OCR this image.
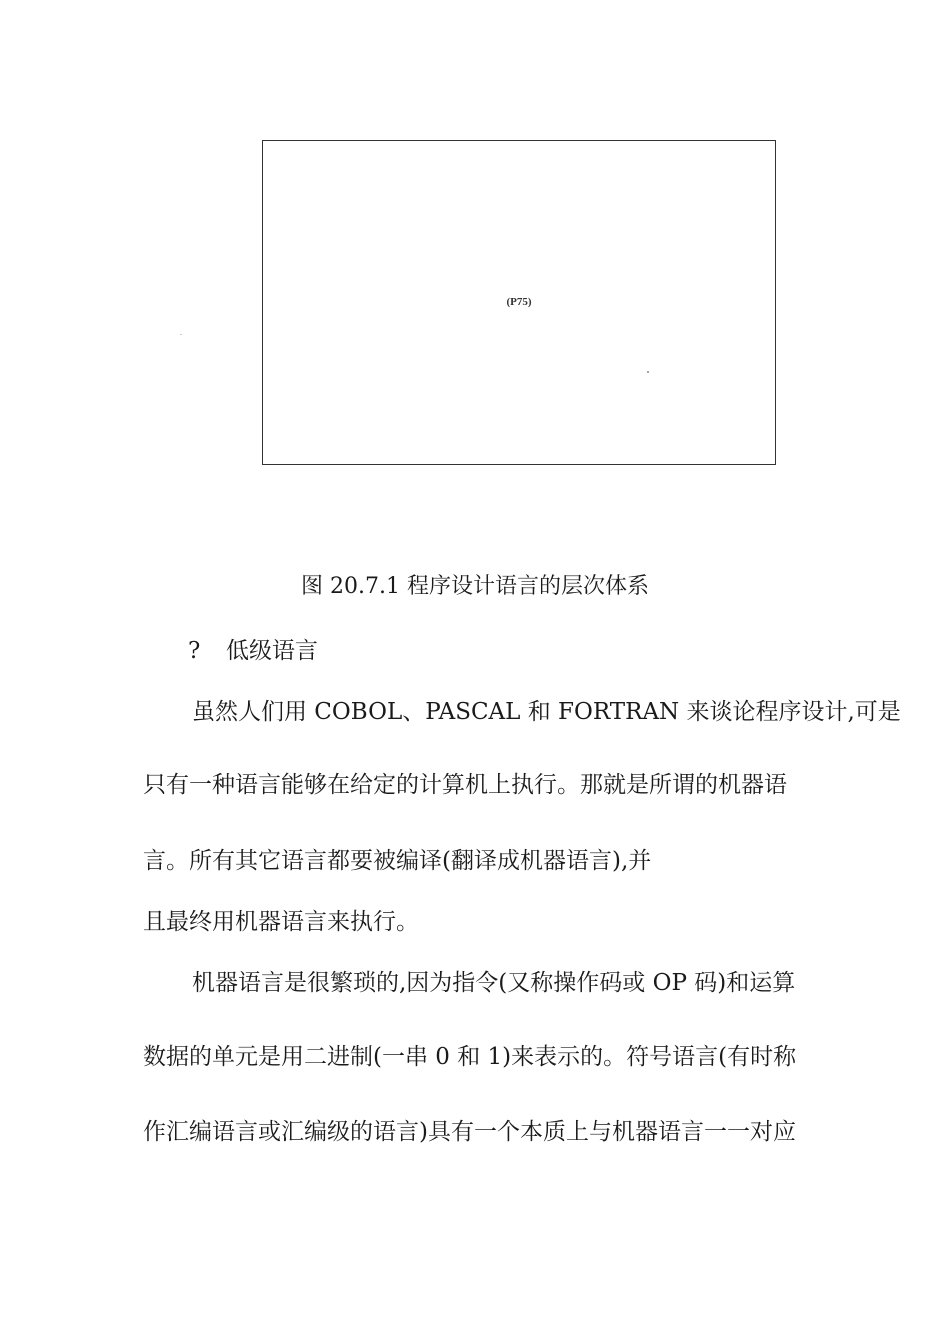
(P75)
图 20.7.1 程序设计语言的层次体系
? 低级语言
虽然人们用 COBOL、PASCAL 和 FORTRAN 来谈论程序设计,可是
只有一种语言能够在给定的计算机上执行。那就是所谓的机器语
言。所有其它语言都要被编译(翻译成机器语言),并
且最终用机器语言来执行。
机器语言是很繁琐的,因为指令(又称操作码或 OP 码)和运算
数据的单元是用二进制(一串 0 和 1)来表示的。符号语言(有时称
作汇编语言或汇编级的语言)具有一个本质上与机器语言一一对应
